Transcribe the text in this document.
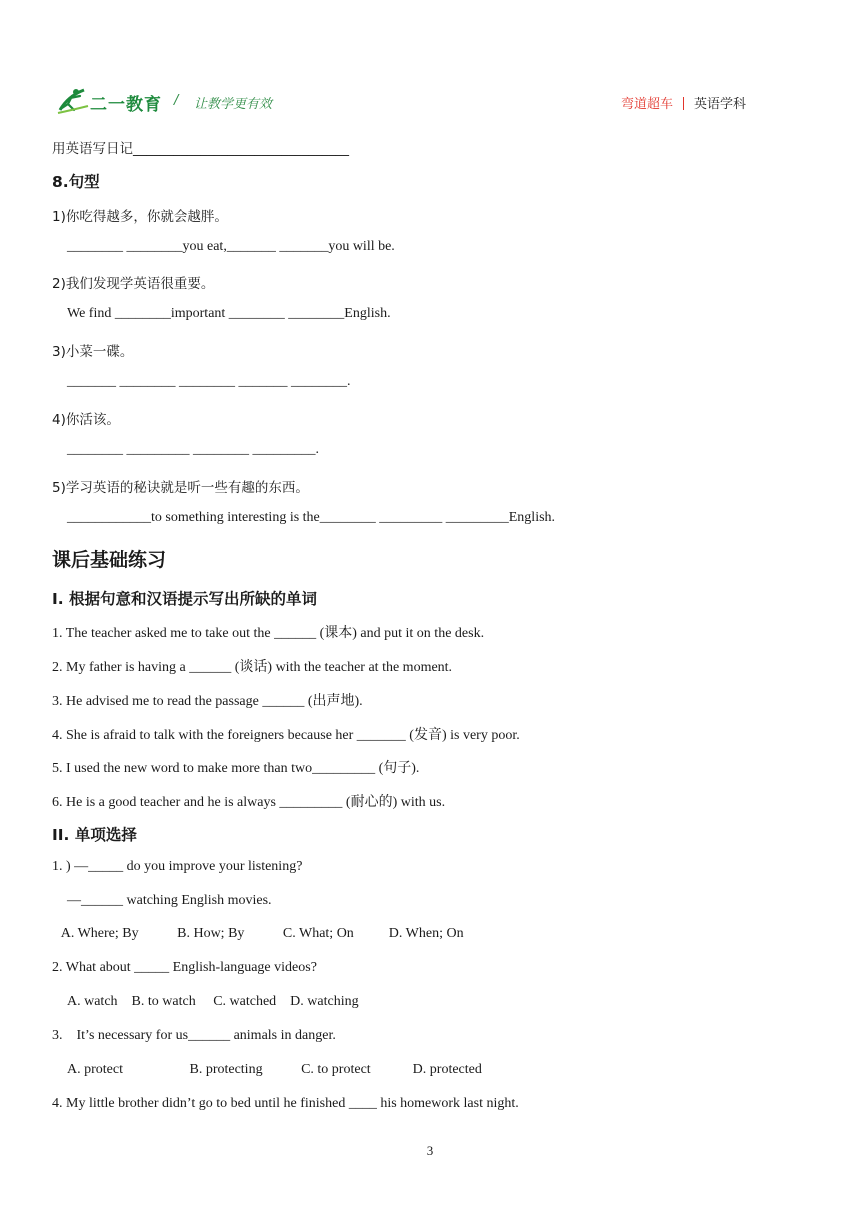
二一教育 / 让教学更有效	弯道超车 英语学科
用英语写日记________________________________
8.句型
1)你吃得越多，你就会越胖。
________ ________you eat,_______ _______you will be.
2)我们发现学英语很重要。
We find ________important ________ ________English.
3)小菜一碟。
_______ ________ ________ _______ ________.
4)你活该。
________ _________ ________ _________.
5)学习英语的秘诀就是听一些有趣的东西。
____________to something interesting is the________ _________ _________English.
课后基础练习
I. 根据句意和汉语提示写出所缺的单词
1. The teacher asked me to take out the ______ (课本) and put it on the desk.
2. My father is having a ______ (谈话) with the teacher at the moment.
3. He advised me to read the passage ______ (出声地).
4. She is afraid to talk with the foreigners because her _______ (发音) is very poor.
5. I used the new word to make more than two_________ (句子).
6. He is a good teacher and he is always _________ (耐心的) with us.
II. 单项选择
1. ) —_____ do you improve your listening?
—______ watching English movies.
A. Where; By           B. How; By           C. What; On          D. When; On
2. What about _____ English-language videos?
A. watch    B. to watch     C. watched    D. watching
3.    It’s necessary for us______ animals in danger.
A. protect                   B. protecting           C. to protect            D. protected
4. My little brother didn’t go to bed until he finished ____ his homework last night.
3
